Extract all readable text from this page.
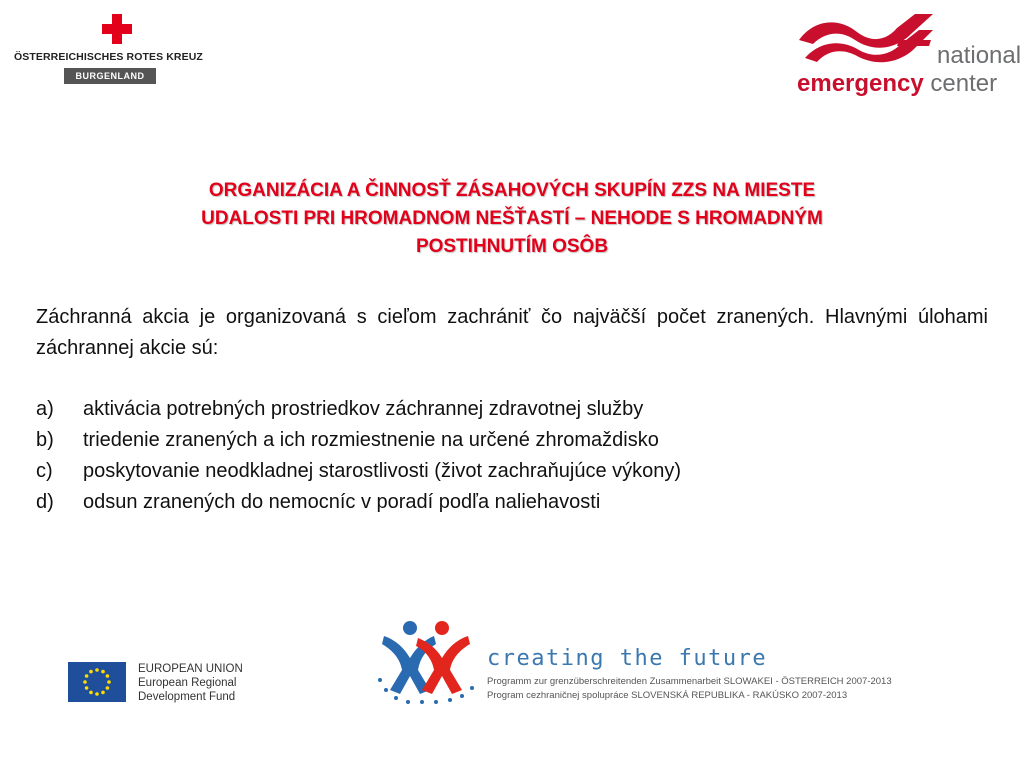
ÖSTERREICHISCHES ROTES KREUZ
BURGENLAND
national
emergency center
ORGANIZÁCIA A ČINNOSŤ ZÁSAHOVÝCH SKUPÍN ZZS NA MIESTE
UDALOSTI PRI HROMADNOM NEŠŤASTÍ – NEHODE S HROMADNÝM
POSTIHNUTÍM OSÔB
Záchranná akcia je organizovaná s cieľom zachrániť čo najväčší počet zranených. Hlavnými úlohami záchrannej akcie sú:
a) aktivácia potrebných prostriedkov záchrannej zdravotnej služby
b) triedenie zranených a ich rozmiestnenie na určené zhromaždisko
c) poskytovanie neodkladnej starostlivosti (život zachraňujúce výkony)
d) odsun zranených do nemocníc v poradí podľa naliehavosti
EUROPEAN UNION
European Regional
Development Fund
creating the future
Programm zur grenzüberschreitenden Zusammenarbeit SLOWAKEI - ÖSTERREICH 2007-2013
Program cezhraničnej spolupráce SLOVENSKÁ REPUBLIKA - RAKÚSKO 2007-2013
